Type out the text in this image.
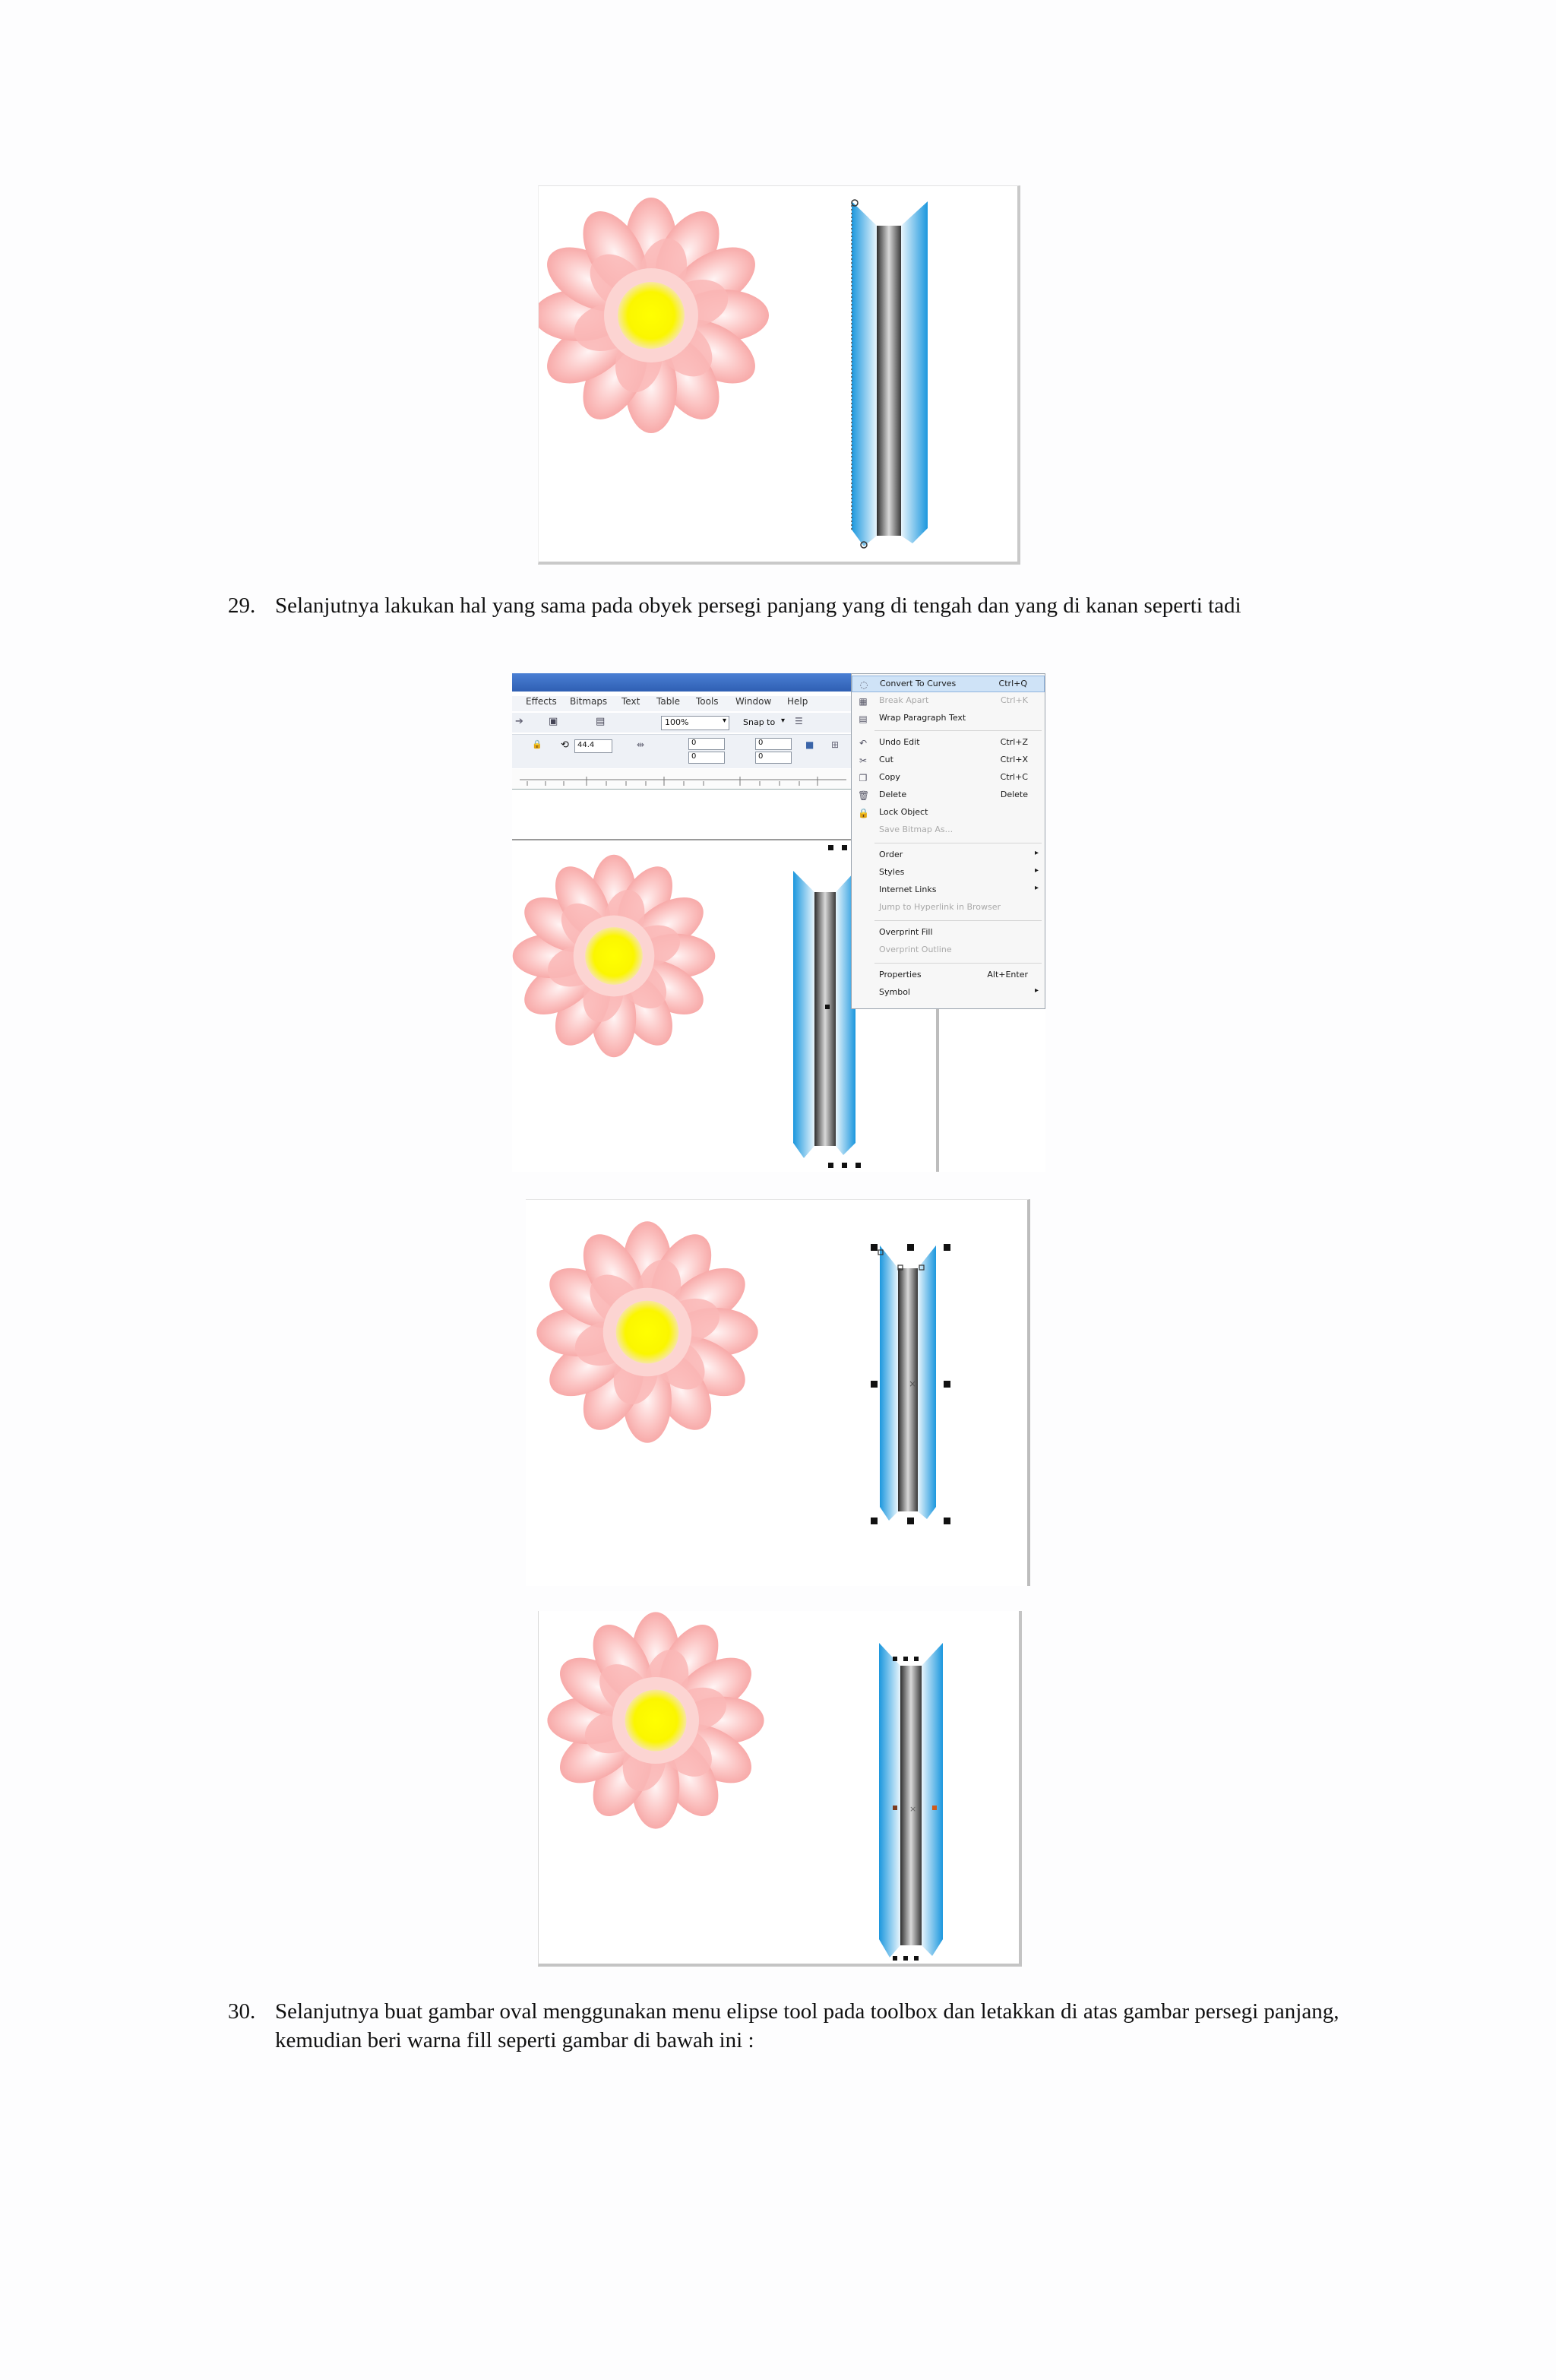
29. Selanjutnya lakukan hal yang sama pada obyek persegi panjang yang di tengah dan yang di kanan seperti tadi
Effects Bitmaps Text Table Tools Window Help
➔	▣	▤	100%	▾ Snap to ▾ ☰
🔒 ⟲ 44.4	⇹	0
0
0
0
■ ⊞
◌ Convert To Curves	Ctrl+Q
▦ Break Apart	Ctrl+K
▤ Wrap Paragraph Text
↶ Undo Edit	Ctrl+Z
✂ Cut	Ctrl+X
❐ Copy	Ctrl+C
🗑 Delete	Delete
🔒 Lock Object
Save Bitmap As...
Order	▸
Styles	▸
Internet Links	▸
Jump to Hyperlink in Browser
Overprint Fill
Overprint Outline
Properties	Alt+Enter
Symbol	▸
×
×
30. Selanjutnya buat gambar oval menggunakan menu elipse tool pada toolbox dan letakkan di atas gambar persegi panjang, kemudian beri warna fill seperti gambar di bawah ini :
